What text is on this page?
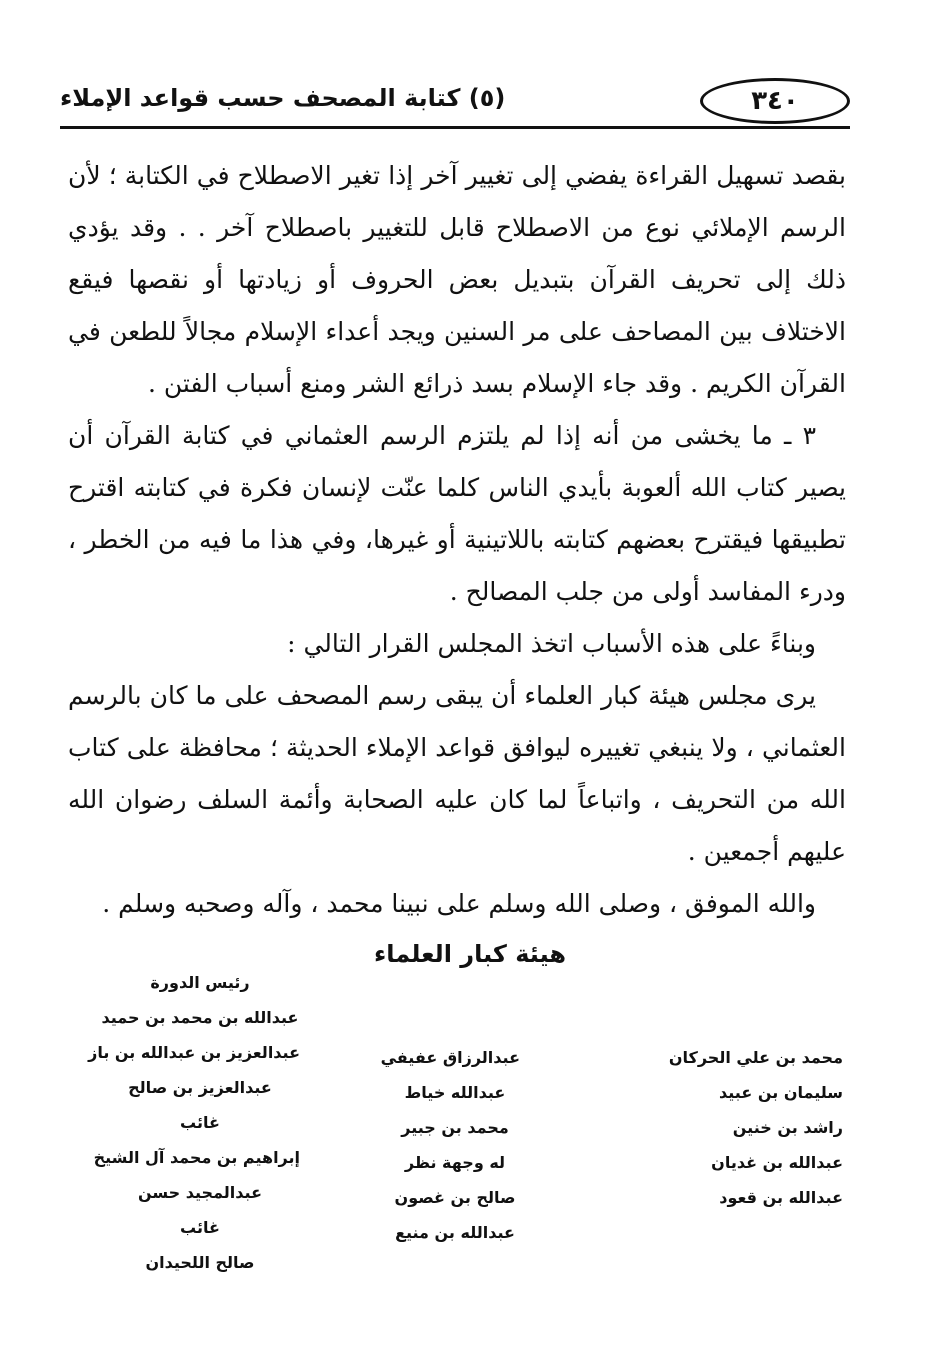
٣٤٠
(٥) كتابة المصحف حسب قواعد الإملاء

بقصد تسهيل القراءة يفضي إلى تغيير آخر إذا تغير الاصطلاح في الكتابة ؛ لأن الرسم الإملائي نوع من الاصطلاح قابل للتغيير باصطلاح آخر . . وقد يؤدي ذلك إلى تحريف القرآن بتبديل بعض الحروف أو زيادتها أو نقصها فيقع الاختلاف بين المصاحف على مر السنين ويجد أعداء الإسلام مجالاً للطعن في القرآن الكريم . وقد جاء الإسلام بسد ذرائع الشر ومنع أسباب الفتن .

٣ ـ ما يخشى من أنه إذا لم يلتزم الرسم العثماني في كتابة القرآن أن يصير كتاب الله ألعوبة بأيدي الناس كلما عنّت لإنسان فكرة في كتابته اقترح تطبيقها فيقترح بعضهم كتابته باللاتينية أو غيرها، وفي هذا ما فيه من الخطر ، ودرء المفاسد أولى من جلب المصالح .

وبناءً على هذه الأسباب اتخذ المجلس القرار التالي :

يرى مجلس هيئة كبار العلماء أن يبقى رسم المصحف على ما كان بالرسم العثماني ، ولا ينبغي تغييره ليوافق قواعد الإملاء الحديثة ؛ محافظة على كتاب الله من التحريف ، واتباعاً لما كان عليه الصحابة وأئمة السلف رضوان الله عليهم أجمعين .

والله الموفق ، وصلى الله وسلم على نبينا محمد ، وآله وصحبه وسلم .

هيئة كبار العلماء
محمد بن علي الحركان
سليمان بن عبيد
راشد بن خنين
عبدالله بن غديان
عبدالله بن قعود
عبدالرزاق عفيفي
عبدالله خياط
محمد بن جبير
له وجهة نظر
صالح بن غصون
عبدالله بن منيع
رئيس الدورة
عبدالله بن محمد بن حميد
عبدالعزيز بن عبدالله بن باز
عبدالعزيز بن صالح
غائب
إبراهيم بن محمد آل الشيخ
عبدالمجيد حسن
غائب
صالح اللحيدان
